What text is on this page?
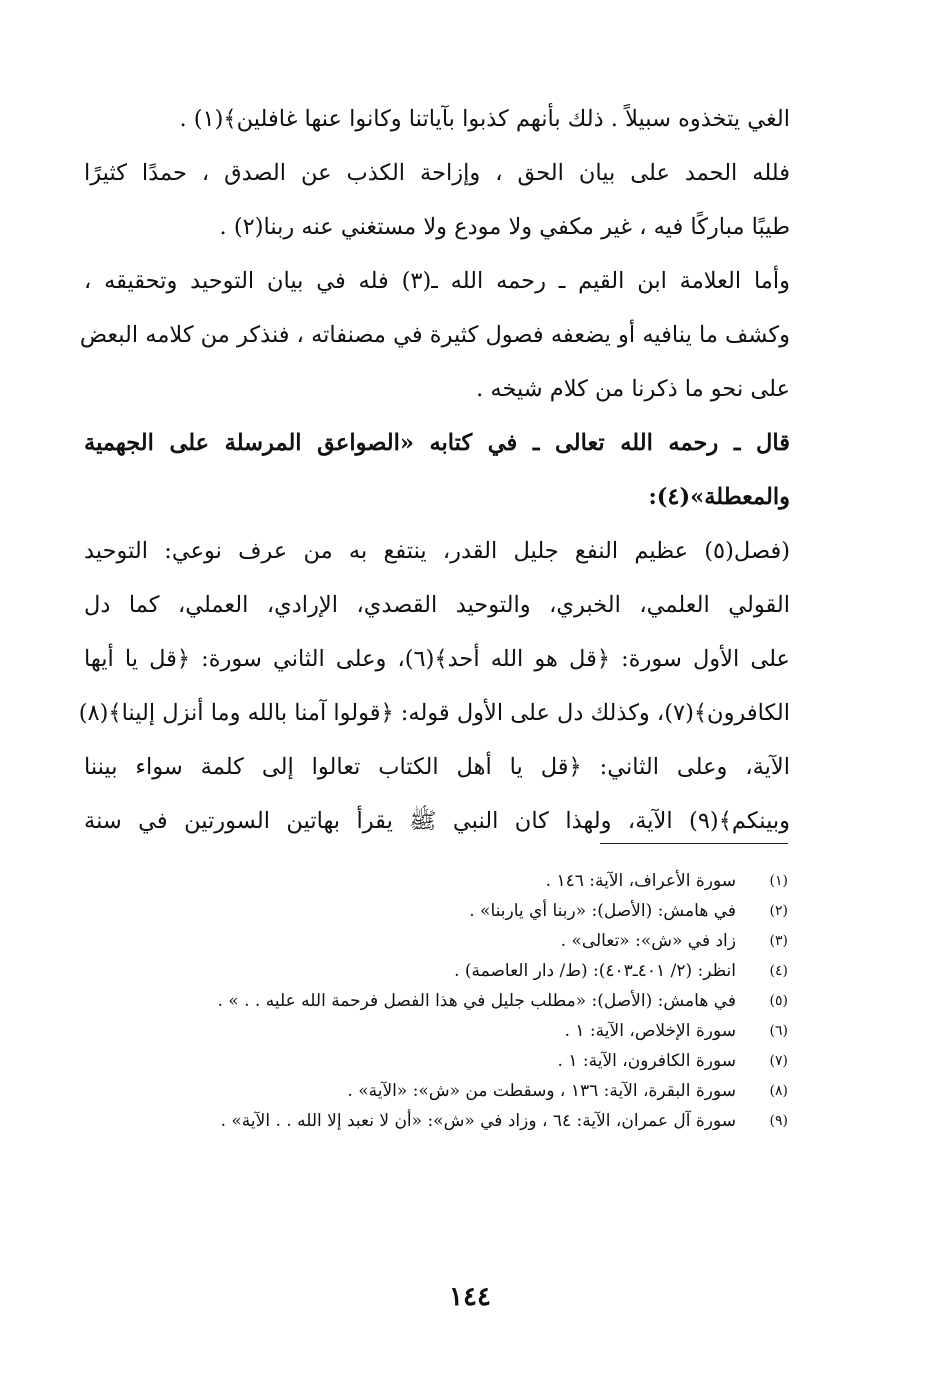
الغي يتخذوه سبيلاً . ذلك بأنهم كذبوا بآياتنا وكانوا عنها غافلين﴾(١) .
فلله الحمد على بيان الحق ، وإزاحة الكذب عن الصدق ، حمدًا كثيرًا
طيبًا مباركًا فيه ، غير مكفي ولا مودع ولا مستغني عنه ربنا(٢) .
وأما العلامة ابن القيم ـ رحمه الله ـ(٣) فله في بيان التوحيد وتحقيقه ،
وكشف ما ينافيه أو يضعفه فصول كثيرة في مصنفاته ، فنذكر من كلامه البعض
على نحو ما ذكرنا من كلام شيخه .
قال ـ رحمه الله تعالى ـ في كتابه «الصواعق المرسلة على الجهمية
والمعطلة»(٤):
(فصل(٥) عظيم النفع جليل القدر، ينتفع به من عرف نوعي: التوحيد
القولي العلمي، الخبري، والتوحيد القصدي، الإرادي، العملي، كما دل
على الأول سورة: ﴿قل هو الله أحد﴾(٦)، وعلى الثاني سورة: ﴿قل يا أيها
الكافرون﴾(٧)، وكذلك دل على الأول قوله: ﴿قولوا آمنا بالله وما أنزل إلينا﴾(٨)
الآية، وعلى الثاني: ﴿قل يا أهل الكتاب تعالوا إلى كلمة سواء بيننا
وبينكم﴾(٩) الآية، ولهذا كان النبي ﷺ يقرأ بهاتين السورتين في سنة
(١)
سورة الأعراف، الآية: ١٤٦ .
(٢)
في هامش: (الأصل): «ربنا أي ياربنا» .
(٣)
زاد في «ش»: «تعالى» .
(٤)
انظر: (٢/ ٤٠١ـ٤٠٣): (ط/ دار العاصمة) .
(٥)
في هامش: (الأصل): «مطلب جليل في هذا الفصل فرحمة الله عليه . . » .
(٦)
سورة الإخلاص، الآية: ١ .
(٧)
سورة الكافرون، الآية: ١ .
(٨)
سورة البقرة، الآية: ١٣٦ ، وسقطت من «ش»: «الآية» .
(٩)
سورة آل عمران، الآية: ٦٤ ، وزاد في «ش»: «أن لا نعبد إلا الله . . الآية» .
١٤٤
